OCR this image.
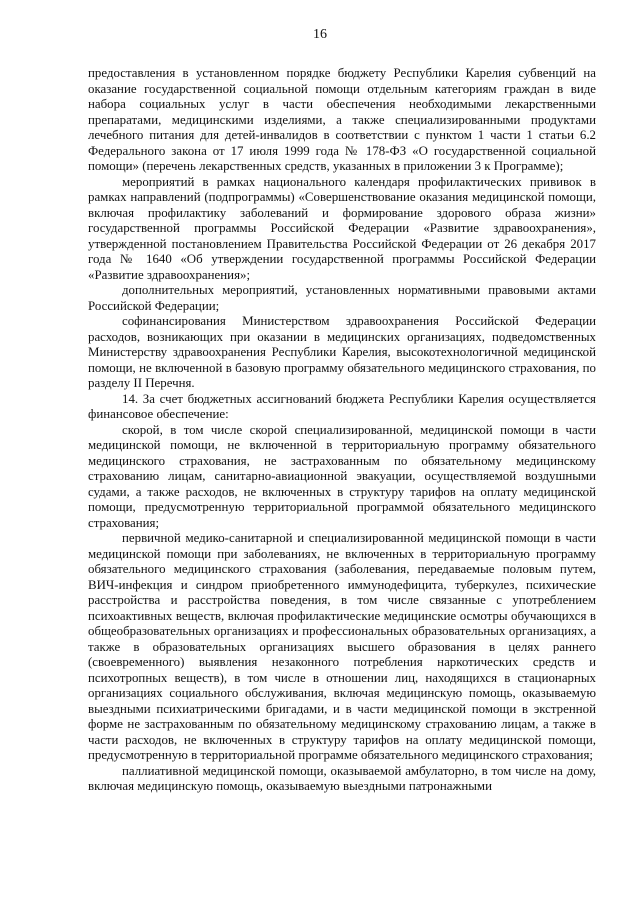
16

предоставления в установленном порядке бюджету Республики Карелия субвенций на оказание государственной социальной помощи отдельным категориям граждан в виде набора социальных услуг в части обеспечения необходимыми лекарственными препаратами, медицинскими изделиями, а также специализированными продуктами лечебного питания для детей-инвалидов в соответствии с пунктом 1 части 1 статьи 6.2 Федерального закона от 17 июля 1999 года № 178-ФЗ «О государственной социальной помощи» (перечень лекарственных средств, указанных в приложении 3 к Программе);

мероприятий в рамках национального календаря профилактических прививок в рамках направлений (подпрограммы) «Совершенствование оказания медицинской помощи, включая профилактику заболеваний и формирование здорового образа жизни» государственной программы Российской Федерации «Развитие здравоохранения», утвержденной постановлением Правительства Российской Федерации от 26 декабря 2017 года № 1640 «Об утверждении государственной программы Российской Федерации «Развитие здравоохранения»;

дополнительных мероприятий, установленных нормативными правовыми актами Российской Федерации;

софинансирования Министерством здравоохранения Российской Федерации расходов, возникающих при оказании в медицинских организациях, подведомственных Министерству здравоохранения Республики Карелия, высокотехнологичной медицинской помощи, не включенной в базовую программу обязательного медицинского страхования, по разделу II Перечня.

14. За счет бюджетных ассигнований бюджета Республики Карелия осуществляется финансовое обеспечение:

скорой, в том числе скорой специализированной, медицинской помощи в части медицинской помощи, не включенной в территориальную программу обязательного медицинского страхования, не застрахованным по обязательному медицинскому страхованию лицам, санитарно-авиационной эвакуации, осуществляемой воздушными судами, а также расходов, не включенных в структуру тарифов на оплату медицинской помощи, предусмотренную территориальной программой обязательного медицинского страхования;

первичной медико-санитарной и специализированной медицинской помощи в части медицинской помощи при заболеваниях, не включенных в территориальную программу обязательного медицинского страхования (заболевания, передаваемые половым путем, ВИЧ-инфекция и синдром приобретенного иммунодефицита, туберкулез, психические расстройства и расстройства поведения, в том числе связанные с употреблением психоактивных веществ, включая профилактические медицинские осмотры обучающихся в общеобразовательных организациях и профессиональных образовательных организациях, а также в образовательных организациях высшего образования в целях раннего (своевременного) выявления незаконного потребления наркотических средств и психотропных веществ), в том числе в отношении лиц, находящихся в стационарных организациях социального обслуживания, включая медицинскую помощь, оказываемую выездными психиатрическими бригадами, и в части медицинской помощи в экстренной форме не застрахованным по обязательному медицинскому страхованию лицам, а также в части расходов, не включенных в структуру тарифов на оплату медицинской помощи, предусмотренную в территориальной программе обязательного медицинского страхования;

паллиативной медицинской помощи, оказываемой амбулаторно, в том числе на дому, включая медицинскую помощь, оказываемую выездными патронажными
